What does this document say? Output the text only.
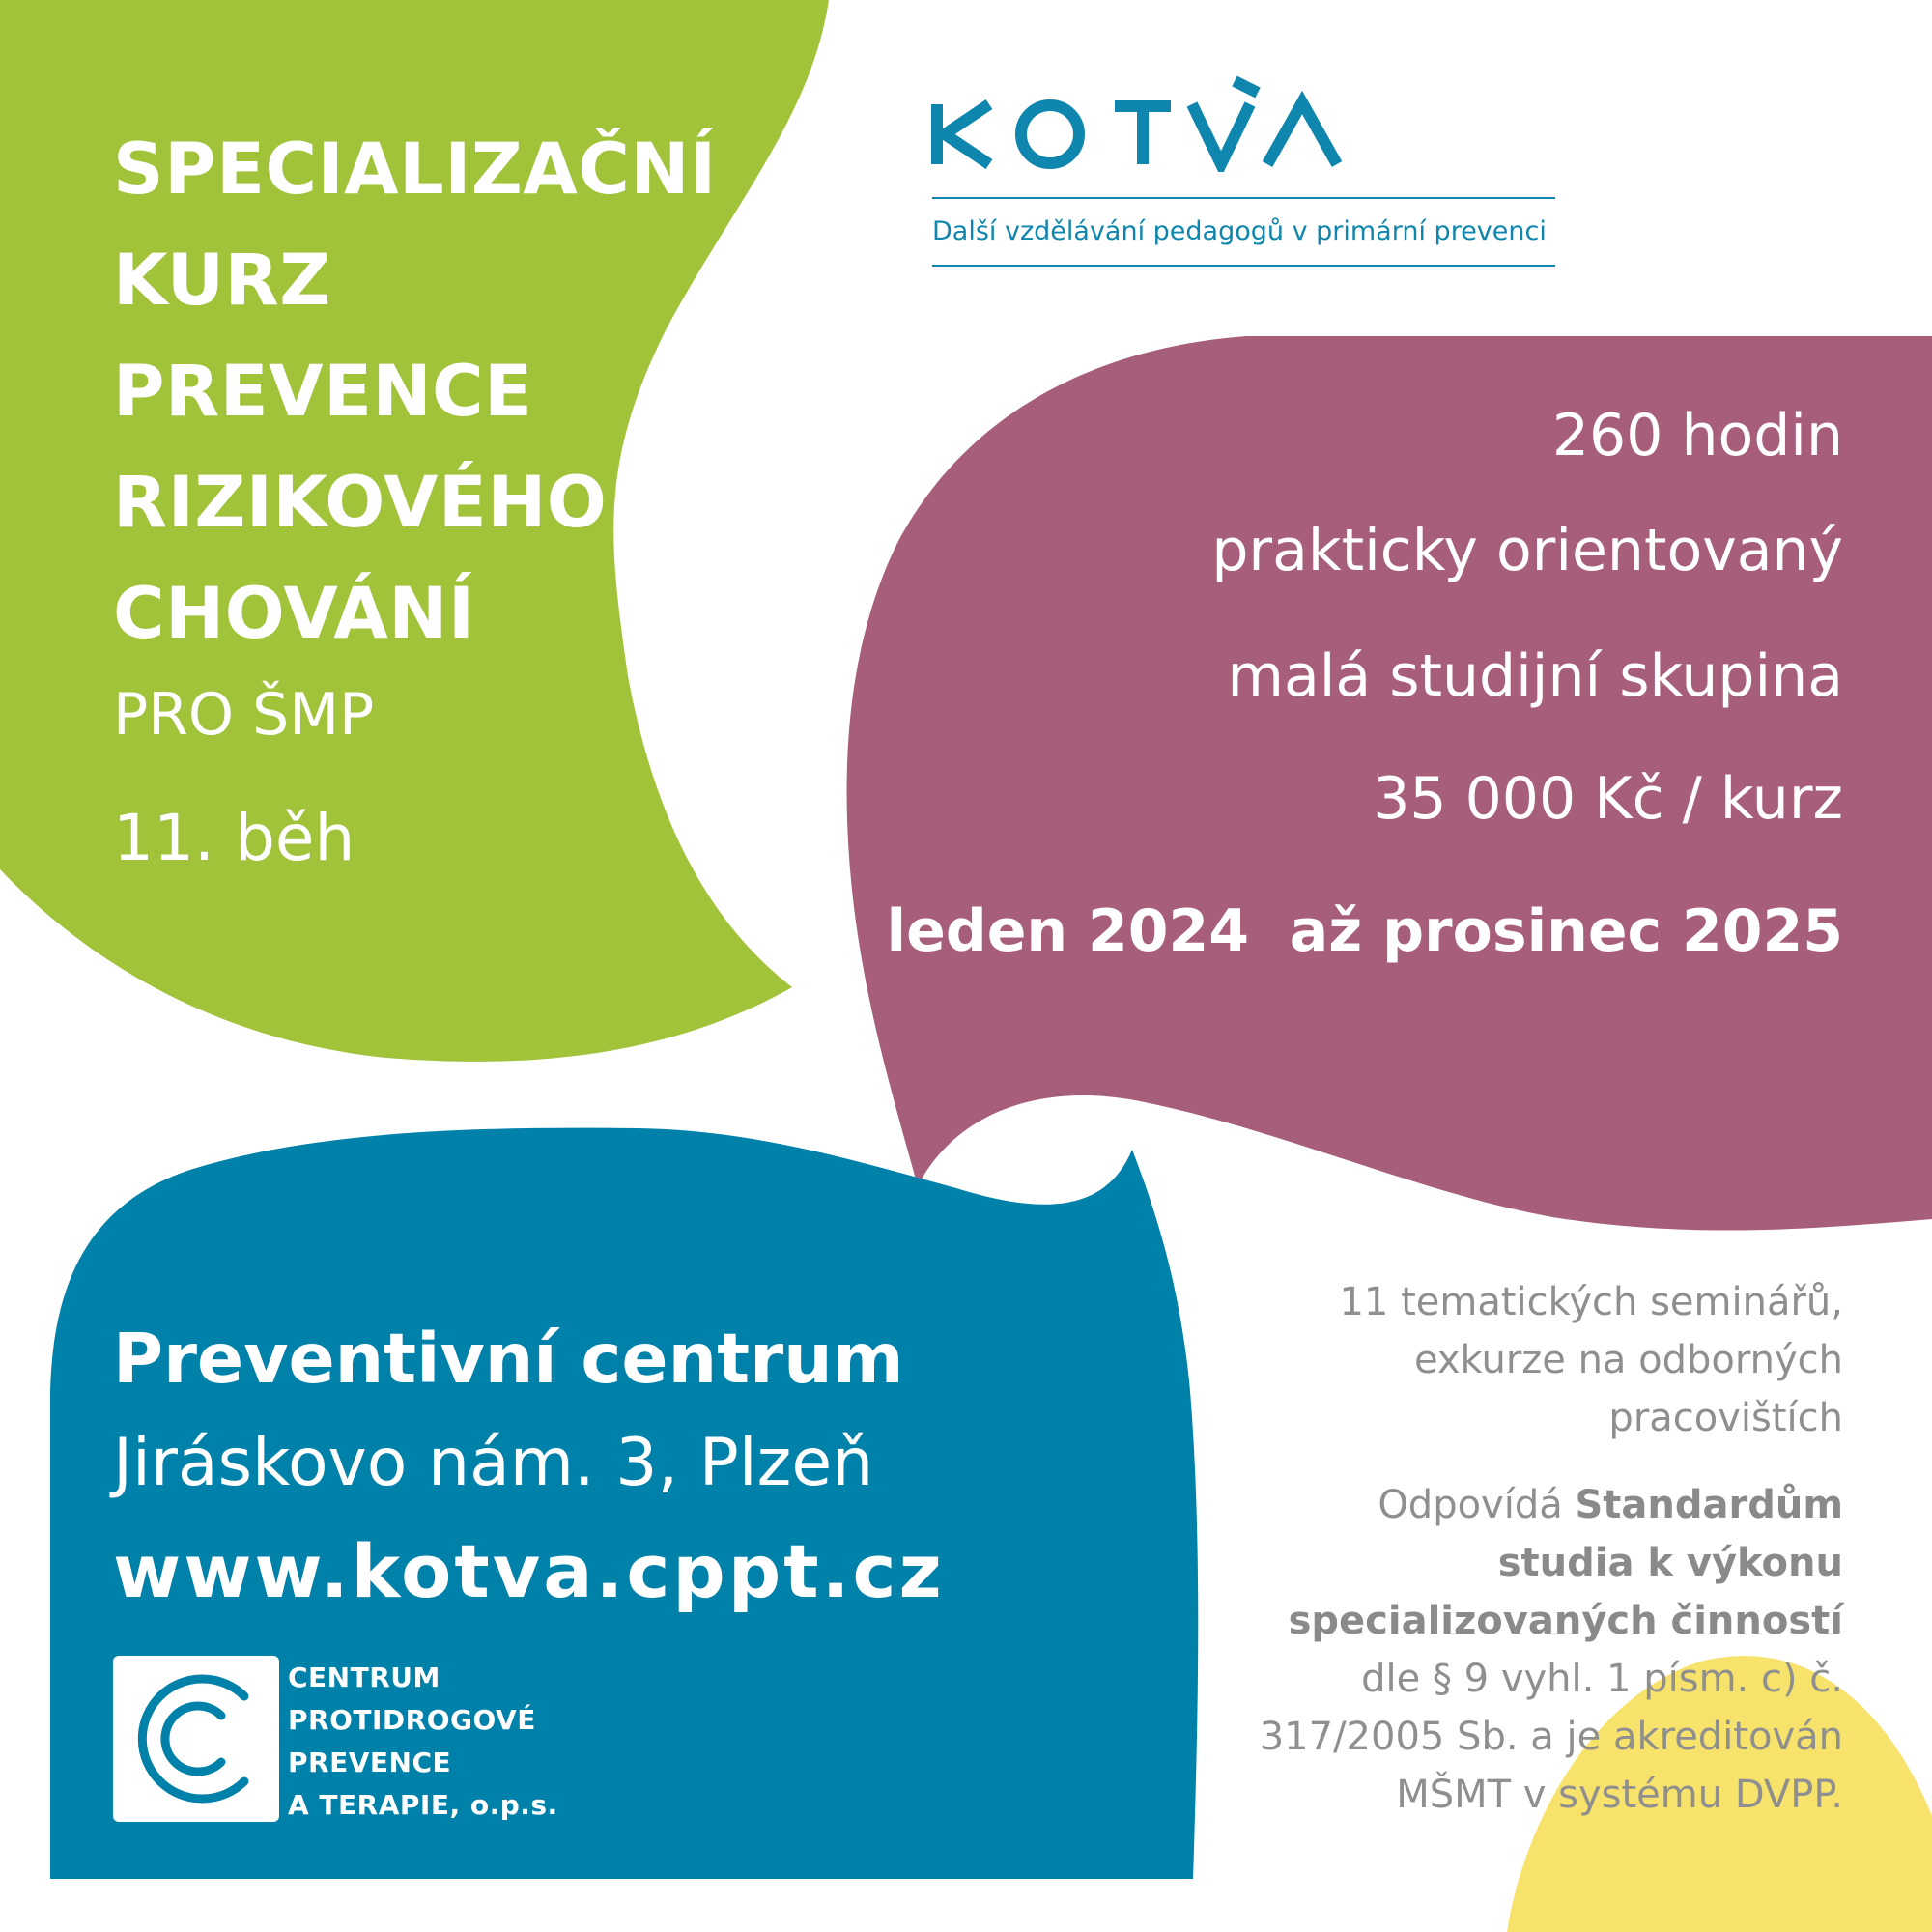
SPECIALIZAČNÍ
KURZ
PREVENCE
RIZIKOVÉHO
CHOVÁNÍ
PRO ŠMP
11. běh
KOTVA
Další vzdělávání pedagogů v primární prevenci
260 hodin
prakticky orientovaný
malá studijní skupina
35 000 Kč / kurz
leden 2024  až prosinec 2025
Preventivní centrum
Jiráskovo nám. 3, Plzeň
www.kotva.cppt.cz
CENTRUM
PROTIDROGOVÉ
PREVENCE
A TERAPIE, o.p.s.
11 tematických seminářů,
exkurze na odborných
pracovištích
Odpovídá Standardům
studia k výkonu
specializovaných činností
dle § 9 vyhl. 1 písm. c) č.
317/2005 Sb. a je akreditován
MŠMT v systému DVPP.
